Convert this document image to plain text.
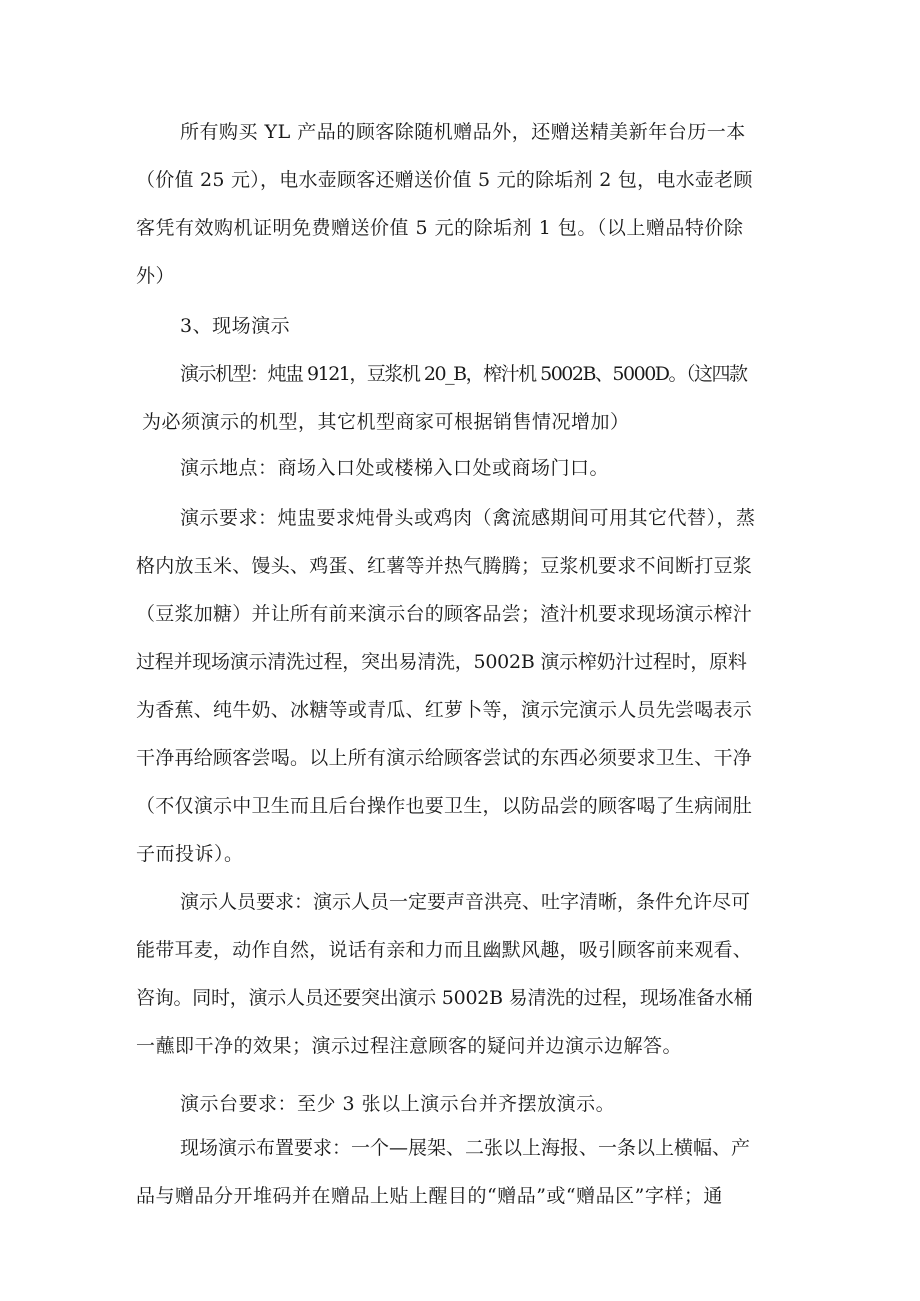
所有购买 YL 产品的顾客除随机赠品外，还赠送精美新年台历一本
（价值 25 元），电水壶顾客还赠送价值 5 元的除垢剂 2 包，电水壶老顾
客凭有效购机证明免费赠送价值 5 元的除垢剂 1 包。（以上赠品特价除
外）
3、现场演示
演示机型：炖盅 9121，豆浆机 20_B，榨汁机 5002B、5000D。（这四款
为必须演示的机型，其它机型商家可根据销售情况增加）
演示地点：商场入口处或楼梯入口处或商场门口。
演示要求：炖盅要求炖骨头或鸡肉（禽流感期间可用其它代替），蒸
格内放玉米、馒头、鸡蛋、红薯等并热气腾腾；豆浆机要求不间断打豆浆
（豆浆加糖）并让所有前来演示台的顾客品尝；渣汁机要求现场演示榨汁
过程并现场演示清洗过程，突出易清洗，5002B 演示榨奶汁过程时，原料
为香蕉、纯牛奶、冰糖等或青瓜、红萝卜等，演示完演示人员先尝喝表示
干净再给顾客尝喝。以上所有演示给顾客尝试的东西必须要求卫生、干净
（不仅演示中卫生而且后台操作也要卫生，以防品尝的顾客喝了生病闹肚
子而投诉）。
演示人员要求：演示人员一定要声音洪亮、吐字清晰，条件允许尽可
能带耳麦，动作自然，说话有亲和力而且幽默风趣，吸引顾客前来观看、
咨询。同时，演示人员还要突出演示 5002B 易清洗的过程，现场准备水桶
一蘸即干净的效果；演示过程注意顾客的疑问并边演示边解答。
演示台要求：至少 3 张以上演示台并齐摆放演示。
现场演示布置要求：一个—展架、二张以上海报、一条以上横幅、产
品与赠品分开堆码并在赠品上贴上醒目的“赠品”或“赠品区”字样；通
